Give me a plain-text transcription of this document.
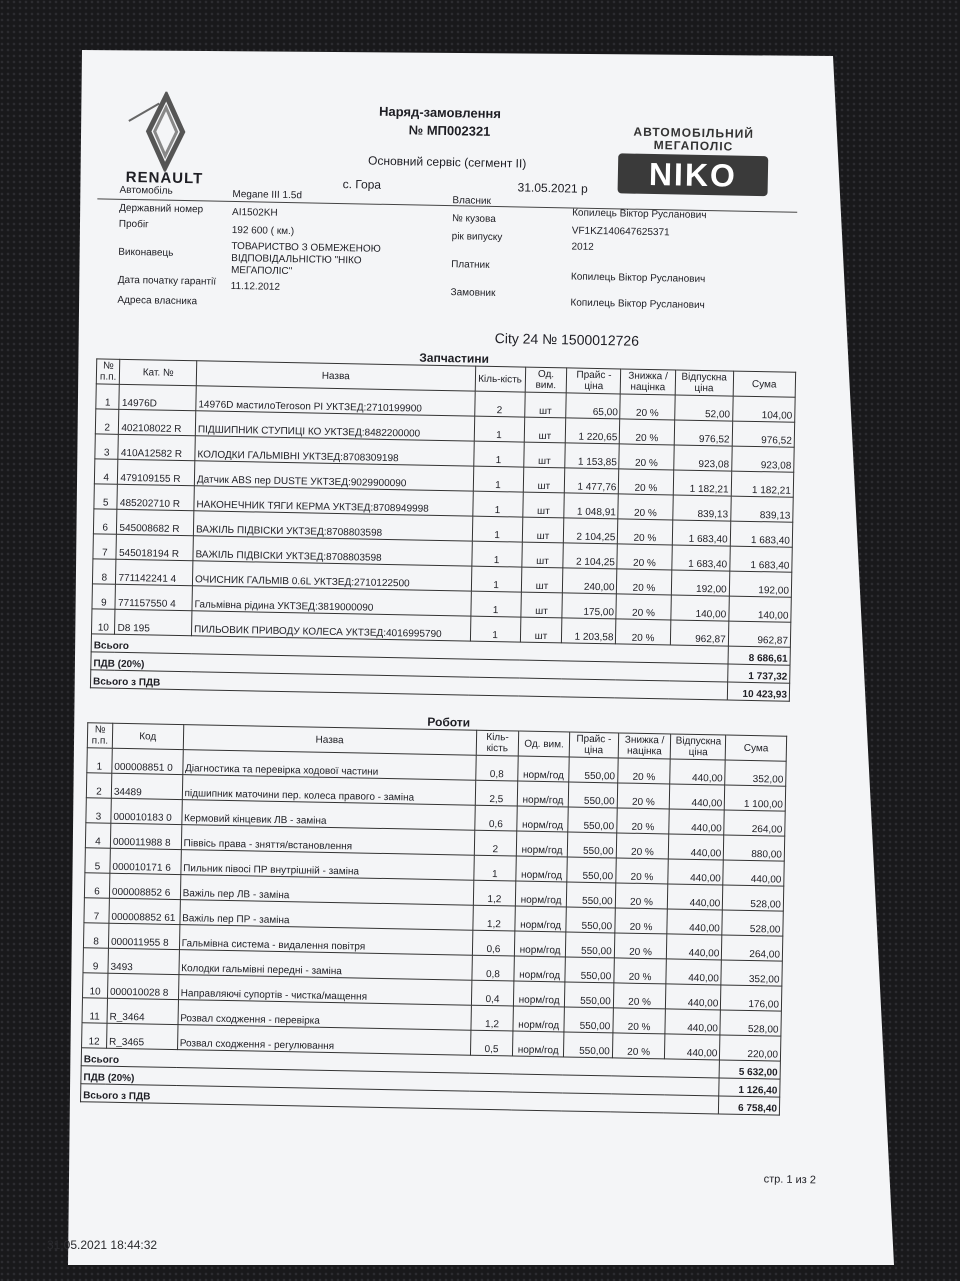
RENAULT
Наряд-замовлення
№ МП002321
Основний сервіс (сегмент II)
с. Гора	31.05.2021 р
АВТОМОБІЛЬНИЙ
МЕГАПОЛІС
NIKO
Автомобіль	Megane III 1.5d
Державний номер	AI1502KH
Пробіг
192 600 ( км.)
Виконавець	ТОВАРИСТВО З ОБМЕЖЕНОЮ
ВІДПОВІДАЛЬНІСТЮ "НІКО
МЕГАПОЛІС"
Дата початку гарантії 11.12.2012
Адреса власника
Власник
Копилець Віктор Русланович
№ кузова
VF1KZ140647625371
рік випуску
2012
Платник
Копилець Віктор Русланович
Замовник
Копилець Віктор Русланович
City 24 № 1500012726
Запчастини
№ п.п.	Кат. №	Назва	Кіль-кість	Од. вим.	Прайс - ціна	Знижка / націнка	Відпускна ціна	Сума
1	14976D	14976D мастилоTeroson PI УКТЗЕД:2710199900	2	шт	65,00	20 %	52,00	104,00
2	402108022 R	ПІДШИПНИК СТУПИЦІ КО УКТЗЕД:8482200000	1	шт	1 220,65	20 %	976,52	976,52
3	410A12582 R	КОЛОДКИ ГАЛЬМІВНІ УКТЗЕД:8708309198	1	шт	1 153,85	20 %	923,08	923,08
4	479109155 R	Датчик ABS пер DUSTE УКТЗЕД:9029900090	1	шт	1 477,76	20 %	1 182,21	1 182,21
5	485202710 R	НАКОНЕЧНИК ТЯГИ КЕРМА УКТЗЕД:8708949998	1	шт	1 048,91	20 %	839,13	839,13
6	545008682 R	ВАЖІЛЬ ПІДВІСКИ УКТЗЕД:8708803598	1	шт	2 104,25	20 %	1 683,40	1 683,40
7	545018194 R	ВАЖІЛЬ ПІДВІСКИ УКТЗЕД:8708803598	1	шт	2 104,25	20 %	1 683,40	1 683,40
8	771142241 4	ОЧИСНИК ГАЛЬМІВ 0.6L УКТЗЕД:2710122500	1	шт	240,00	20 %	192,00	192,00
9	771157550 4	Гальмівна рідина УКТЗЕД:3819000090	1	шт	175,00	20 %	140,00	140,00
10	D8 195	ПИЛЬОВИК ПРИВОДУ КОЛЕСА УКТЗЕД:4016995790	1	шт	1 203,58	20 %	962,87	962,87
Всього								8 686,61
ПДВ (20%)								1 737,32
Всього з ПДВ								10 423,93
Роботи
№ п.п.	Код	Назва	Кіль-кість	Од. вим.	Прайс - ціна	Знижка / націнка	Відпускна ціна	Сума
1	000008851 0	Діагностика та перевірка ходової частини	0,8	норм/год	550,00	20 %	440,00	352,00
2	34489	підшипник маточини пер. колеса правого - заміна	2,5	норм/год	550,00	20 %	440,00	1 100,00
3	000010183 0	Кермовий кінцевик ЛВ - заміна	0,6	норм/год	550,00	20 %	440,00	264,00
4	000011988 8	Піввісь права - зняття/встановлення	2	норм/год	550,00	20 %	440,00	880,00
5	000010171 6	Пильник півосі ПР внутрішній - заміна	1	норм/год	550,00	20 %	440,00	440,00
6	000008852 6	Важіль пер ЛВ - заміна	1,2	норм/год	550,00	20 %	440,00	528,00
7	000008852 61	Важіль пер ПР - заміна	1,2	норм/год	550,00	20 %	440,00	528,00
8	000011955 8	Гальмівна система - видалення повітря	0,6	норм/год	550,00	20 %	440,00	264,00
9	3493	Колодки гальмівні передні - заміна	0,8	норм/год	550,00	20 %	440,00	352,00
10	000010028 8	Направляючі супортів - чистка/мащення	0,4	норм/год	550,00	20 %	440,00	176,00
11	R_3464	Розвал сходження - перевірка	1,2	норм/год	550,00	20 %	440,00	528,00
12	R_3465	Розвал сходження - регулювання	0,5	норм/год	550,00	20 %	440,00	220,00
Всього								5 632,00
ПДВ (20%)								1 126,40
Всього з ПДВ								6 758,40
стр. 1 из 2
31.05.2021 18:44:32
